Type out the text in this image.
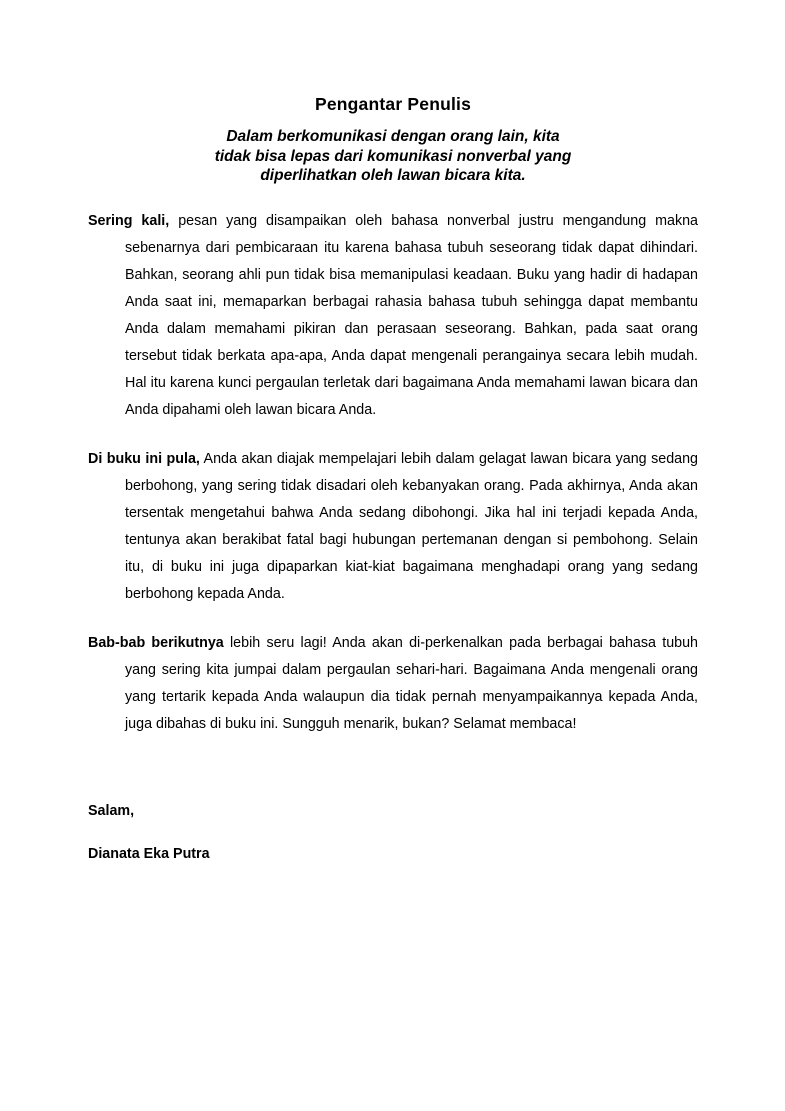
Pengantar Penulis
Dalam berkomunikasi dengan orang lain, kita
tidak bisa lepas dari komunikasi nonverbal yang
diperlihatkan oleh lawan bicara kita.

Sering kali, pesan yang disampaikan oleh bahasa nonverbal justru mengandung makna sebenarnya dari pembicaraan itu karena bahasa tubuh seseorang tidak dapat dihindari. Bahkan, seorang ahli pun tidak bisa memanipulasi keadaan. Buku yang hadir di hadapan Anda saat ini, memaparkan berbagai rahasia bahasa tubuh sehingga dapat membantu Anda dalam memahami pikiran dan perasaan seseorang. Bahkan, pada saat orang tersebut tidak berkata apa-apa, Anda dapat mengenali perangainya secara lebih mudah. Hal itu karena kunci pergaulan terletak dari bagaimana Anda memahami lawan bicara dan Anda dipahami oleh lawan bicara Anda.

Di buku ini pula, Anda akan diajak mempelajari lebih dalam gelagat lawan bicara yang sedang berbohong, yang sering tidak disadari oleh kebanyakan orang. Pada akhirnya, Anda akan tersentak mengetahui bahwa Anda sedang dibohongi. Jika hal ini terjadi kepada Anda, tentunya akan berakibat fatal bagi hubungan pertemanan dengan si pembohong. Selain itu, di buku ini juga dipaparkan kiat-kiat bagaimana menghadapi orang yang sedang berbohong kepada Anda.

Bab-bab berikutnya lebih seru lagi! Anda akan di-perkenalkan pada berbagai bahasa tubuh yang sering kita jumpai dalam pergaulan sehari-hari. Bagaimana Anda mengenali orang yang tertarik kepada Anda walaupun dia tidak pernah menyampaikannya kepada Anda, juga dibahas di buku ini. Sungguh menarik, bukan? Selamat membaca!

Salam,

Dianata Eka Putra
